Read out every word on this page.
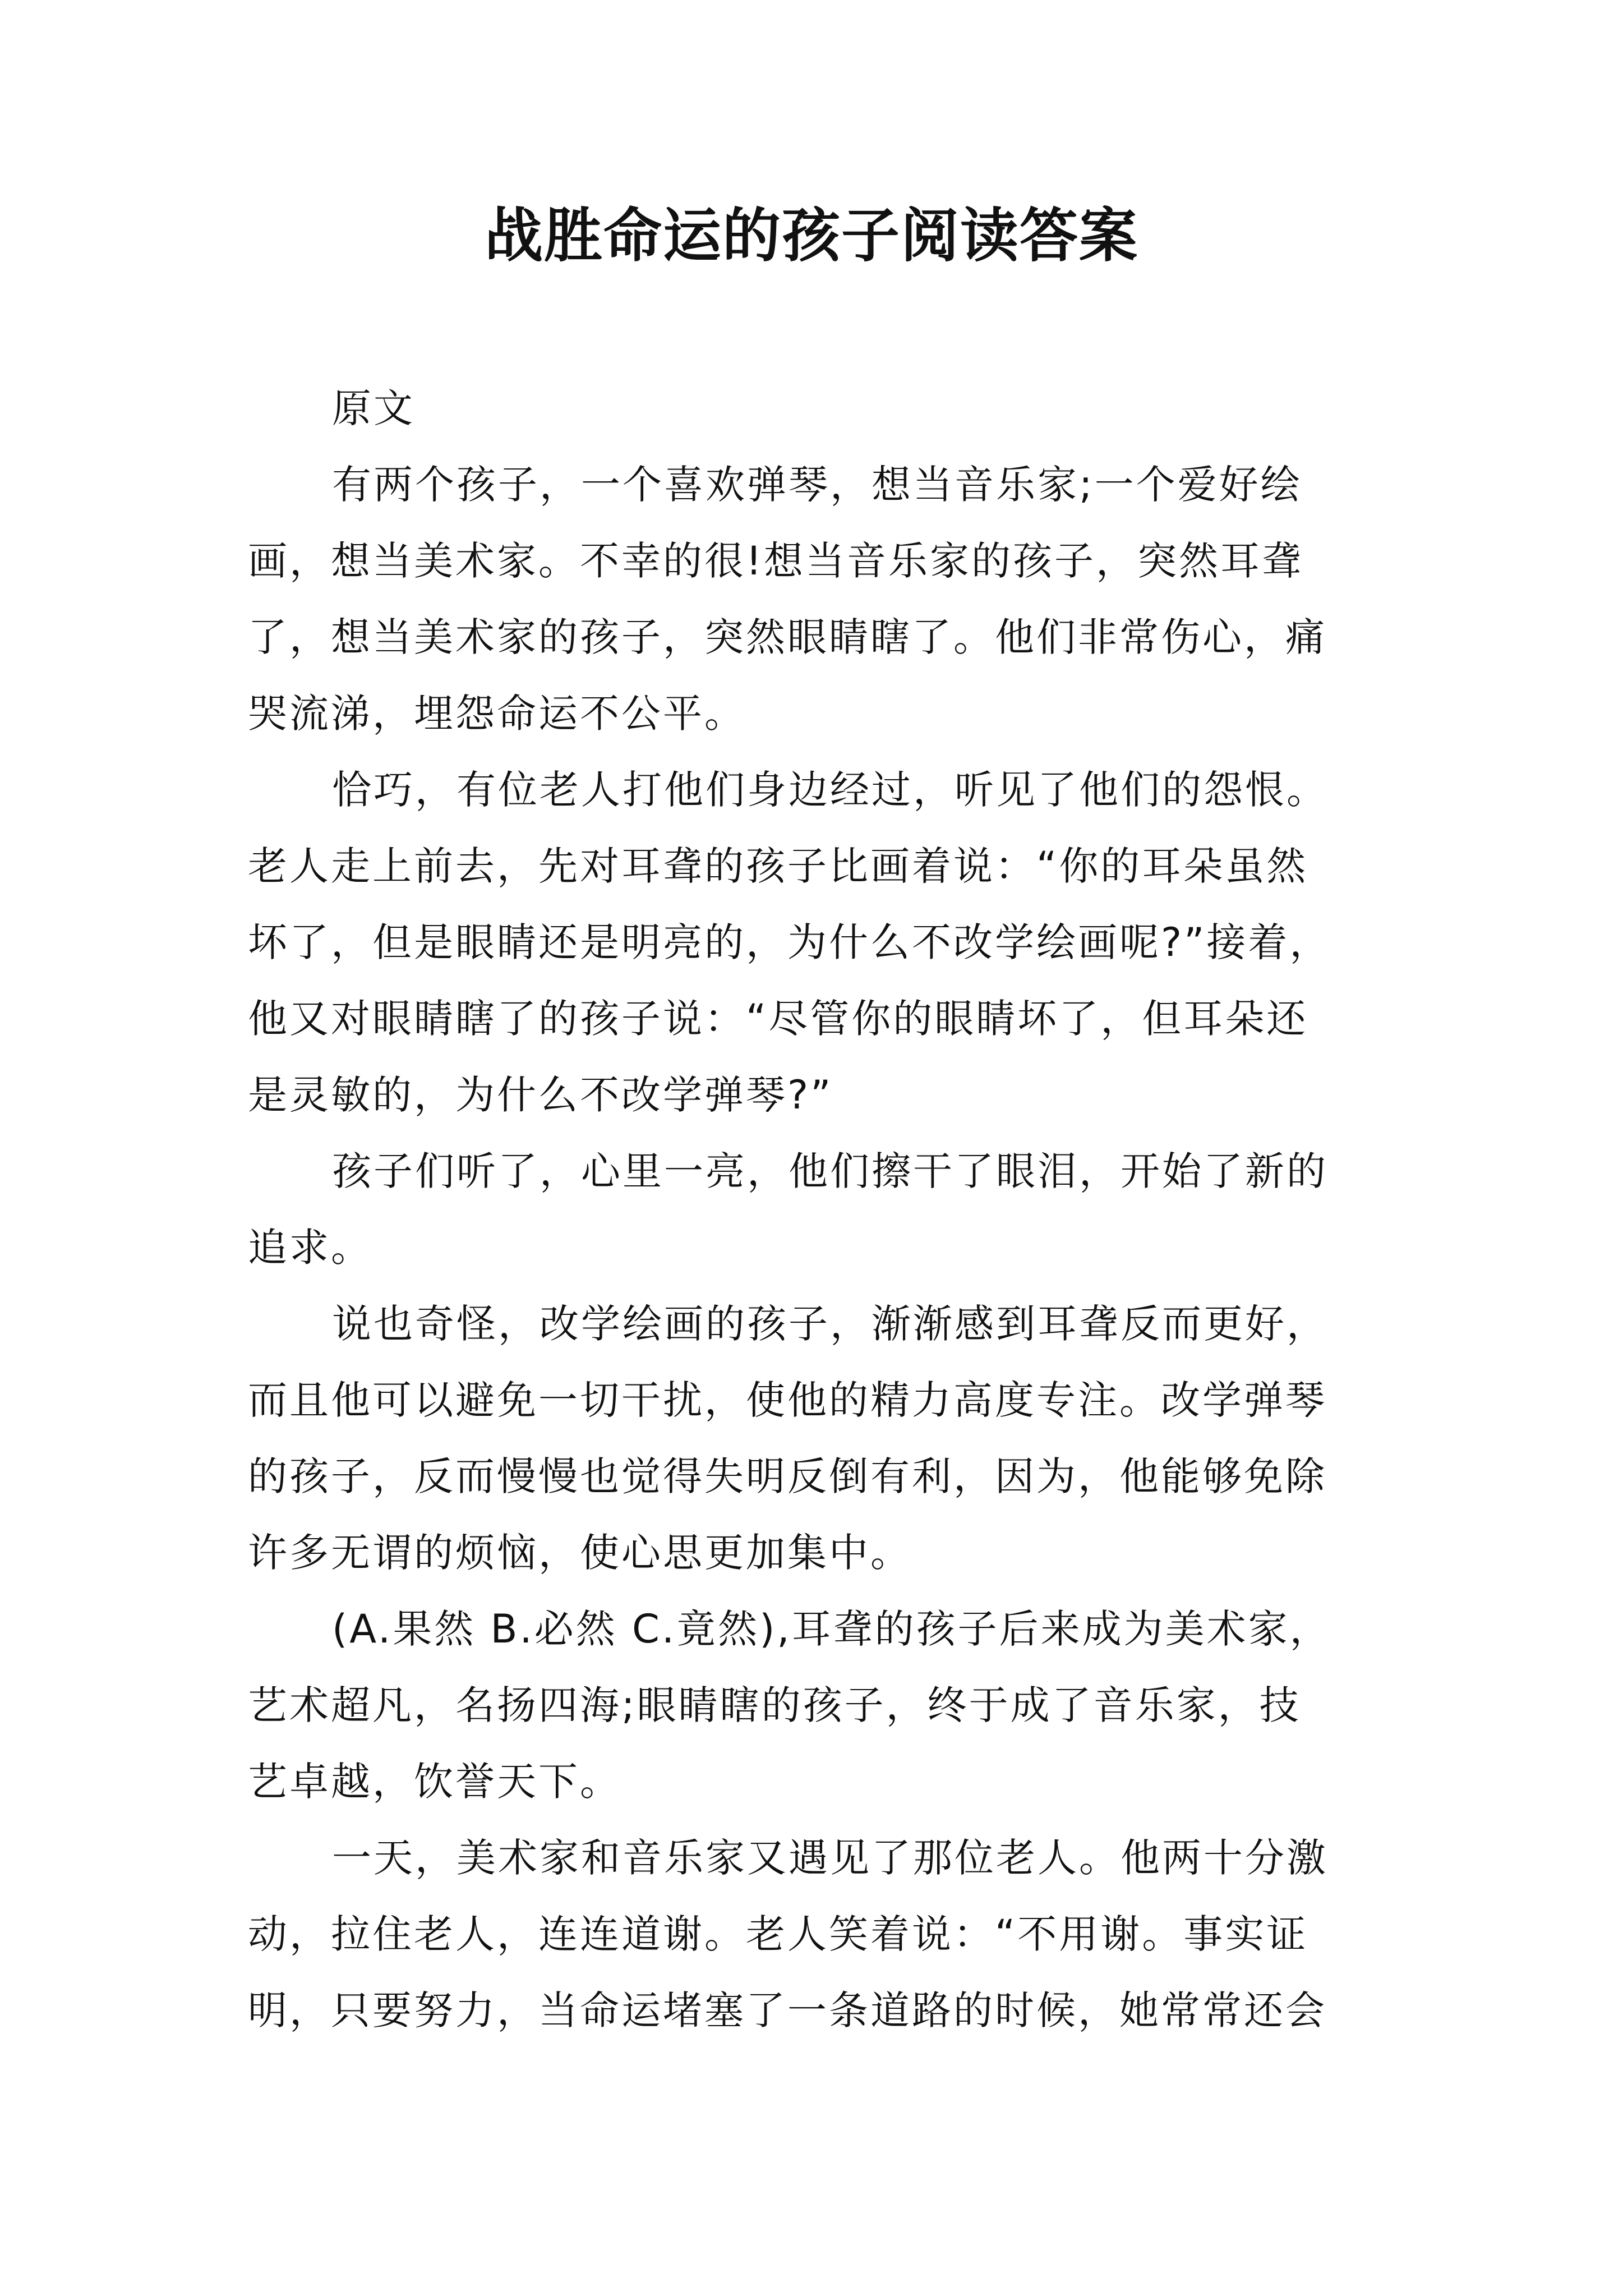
战胜命运的孩子阅读答案
原文
有两个孩子，一个喜欢弹琴，想当音乐家;一个爱好绘
画，想当美术家。不幸的很!想当音乐家的孩子，突然耳聋
了，想当美术家的孩子，突然眼睛瞎了。他们非常伤心，痛
哭流涕，埋怨命运不公平。
恰巧，有位老人打他们身边经过，听见了他们的怨恨。
老人走上前去，先对耳聋的孩子比画着说：“你的耳朵虽然
坏了，但是眼睛还是明亮的，为什么不改学绘画呢?”接着，
他又对眼睛瞎了的孩子说：“尽管你的眼睛坏了，但耳朵还
是灵敏的，为什么不改学弹琴?”
孩子们听了，心里一亮，他们擦干了眼泪，开始了新的
追求。
说也奇怪，改学绘画的孩子，渐渐感到耳聋反而更好，
而且他可以避免一切干扰，使他的精力高度专注。改学弹琴
的孩子，反而慢慢也觉得失明反倒有利，因为，他能够免除
许多无谓的烦恼，使心思更加集中。
(A.果然 B.必然 C.竟然),耳聋的孩子后来成为美术家，
艺术超凡，名扬四海;眼睛瞎的孩子，终于成了音乐家，技
艺卓越，饮誉天下。
一天，美术家和音乐家又遇见了那位老人。他两十分激
动，拉住老人，连连道谢。老人笑着说：“不用谢。事实证
明，只要努力，当命运堵塞了一条道路的时候，她常常还会
